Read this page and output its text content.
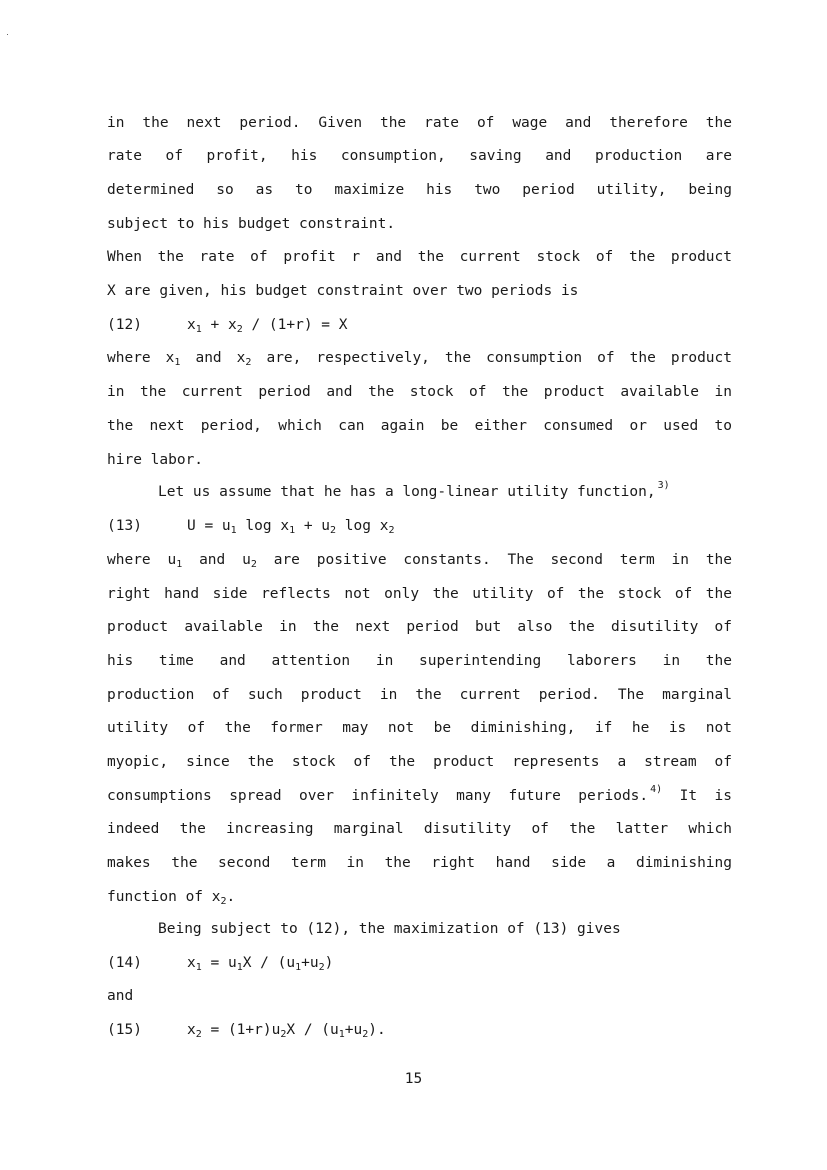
in the next period. Given the rate of wage and therefore the
rate of profit, his consumption, saving and production are
determined so as to maximize his two period utility, being
subject to his budget constraint.
When the rate of profit r and the current stock of the product
X are given, his budget constraint over two periods is
(12)	$x_1 + x_2 / (1+r) = X$
where $x_1$ and $x_2$ are, respectively, the consumption of the product
in the current period and the stock of the product available in
the next period, which can again be either consumed or used to
hire labor.
Let us assume that he has a long-linear utility function, $^{3)}$
(13)	$U = u_1$ $\log x_1 + u_2$ $\log x_2$
where $u_1$ and $u_2$ are positive constants. The second term in the
right hand side reflects not only the utility of the stock of the
product available in the next period but also the disutility of
his time and attention in superintending laborers in the
production of such product in the current period. The marginal
utility of the former may not be diminishing, if he is not
myopic, since the stock of the product represents a stream of
consumptions spread over infinitely many future periods. $^{4)}$ It is
indeed the increasing marginal disutility of the latter which
makes the second term in the right hand side a diminishing
function of $x_2$.
Being subject to (12), the maximization of (13) gives
(14)	$x_1 = u_1X / (u_1+u_2)$
and
(15)	$x_2 = (1+r)u_2X / (u_1+u_2)$.
15
